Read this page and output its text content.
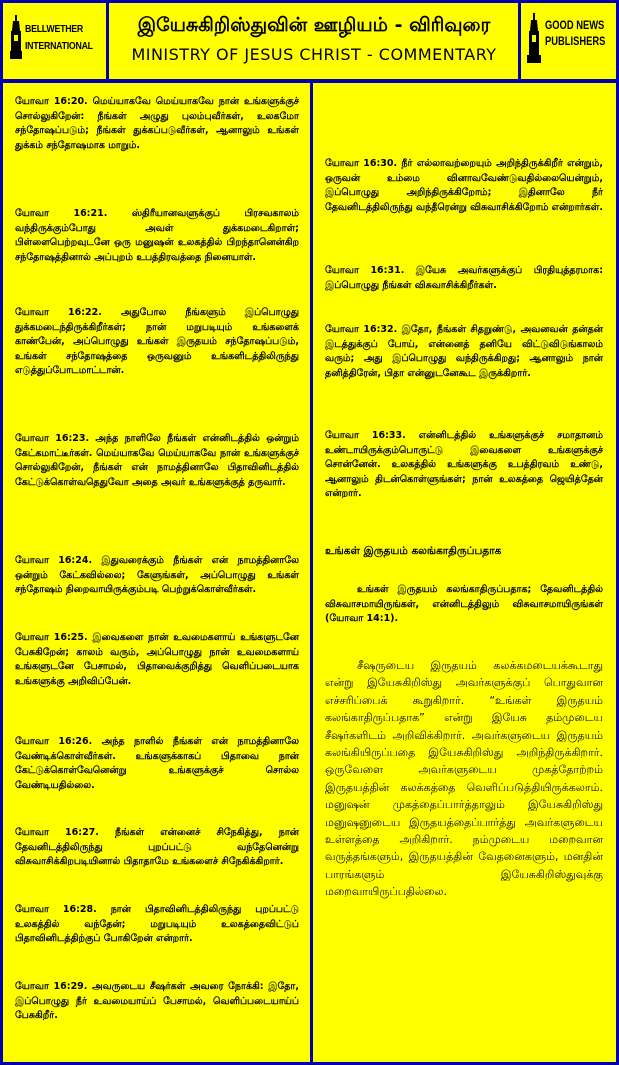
BELLWETHER
INTERNATIONAL
இயேசுகிறிஸ்துவின் ஊழியம் - விரிவுரை
MINISTRY OF JESUS CHRIST - COMMENTARY
GOOD NEWS
PUBLISHERS

யோவா 16:20. மெய்யாகவே மெய்யாகவே நான் உங்களுக்குச் சொல்லுகிறேன்: நீங்கள் அழுது புலம்புவீர்கள், உலகமோ சந்தோஷப்படும்; நீங்கள் துக்கப்படுவீர்கள், ஆனாலும் உங்கள் துக்கம் சந்தோஷமாக மாறும்.

யோவா 16:21. ஸ்திரீயானவளுக்குப் பிரசவகாலம் வந்திருக்கும்போது அவள் துக்கமடைகிறாள்; பிள்ளைபெற்றவுடனே ஒரு மனுஷன் உலகத்தில் பிறந்தானென்கிற சந்தோஷத்தினால் அப்புறம் உபத்திரவத்தை நினையாள்.

யோவா 16:22. அதுபோல நீங்களும் இப்பொழுது துக்கமடைந்திருக்கிறீர்கள்; நான் மறுபடியும் உங்களைக் காண்பேன், அப்பொழுது உங்கள் இருதயம் சந்தோஷப்படும், உங்கள் சந்தோஷத்தை ஒருவனும் உங்களிடத்திலிருந்து எடுத்துப்போடமாட்டான்.

யோவா 16:23. அந்த நாளிலே நீங்கள் என்னிடத்தில் ஒன்றும் கேட்கமாட்டீர்கள். மெய்யாகவே மெய்யாகவே நான் உங்களுக்குச் சொல்லுகிறேன், நீங்கள் என் நாமத்தினாலே பிதாவினிடத்தில் கேட்டுக்கொள்வதெதுவோ அதை அவர் உங்களுக்குத் தருவார்.

யோவா 16:24. இதுவரைக்கும் நீங்கள் என் நாமத்தினாலே ஒன்றும் கேட்கவில்லை; கேளுங்கள், அப்பொழுது உங்கள் சந்தோஷம் நிறைவாயிருக்கும்படி பெற்றுக்கொள்வீர்கள்.

யோவா 16:25. இவைகளை நான் உவமைகளாய் உங்களுடனே பேசுகிறேன்; காலம் வரும், அப்பொழுது நான் உவமைகளாய் உங்களுடனே பேசாமல், பிதாவைக்குறித்து வெளிப்படையாக உங்களுக்கு அறிவிப்பேன்.

யோவா 16:26. அந்த நாளில் நீங்கள் என் நாமத்தினாலே வேண்டிக்கொள்வீர்கள். உங்களுக்காகப் பிதாவை நான் கேட்டுக்கொள்வேனென்று உங்களுக்குச் சொல்ல வேண்டியதில்லை.

யோவா 16:27. நீங்கள் என்னைச் சிநேகித்து, நான் தேவனிடத்திலிருந்து புறப்பட்டு வந்தேனென்று விசுவாசிக்கிறபடியினால் பிதாதாமே உங்களைச் சிநேகிக்கிறார்.

யோவா 16:28. நான் பிதாவினிடத்திலிருந்து புறப்பட்டு உலகத்தில் வந்தேன்; மறுபடியும் உலகத்தைவிட்டுப் பிதாவினிடத்திற்குப் போகிறேன் என்றார்.

யோவா 16:29. அவருடைய சீஷர்கள் அவரை நோக்கி: இதோ, இப்பொழுது நீர் உவமையாய்ப் பேசாமல், வெளிப்படையாய்ப் பேசுகிறீர்.

யோவா 16:30. நீர் எல்லாவற்றையும் அறிந்திருக்கிறீர் என்றும், ஒருவன் உம்மை வினாவவேண்டுவதில்லையென்றும், இப்பொழுது அறிந்திருக்கிறோம்; இதினாலே நீர் தேவனிடத்திலிருந்து வந்தீரென்று விசுவாசிக்கிறோம் என்றார்கள்.

யோவா 16:31. இயேசு அவர்களுக்குப் பிரதியுத்தரமாக: இப்பொழுது நீங்கள் விசுவாசிக்கிறீர்கள்.

யோவா 16:32. இதோ, நீங்கள் சிதறுண்டு, அவனவன் தன்தன் இடத்துக்குப் போய், என்னைத் தனியே விட்டுவிடுங்காலம் வரும்; அது இப்பொழுது வந்திருக்கிறது; ஆனாலும் நான் தனித்திரேன், பிதா என்னுடனேகூட இருக்கிறார்.

யோவா 16:33. என்னிடத்தில் உங்களுக்குச் சமாதானம் உண்டாயிருக்கும்பொருட்டு இவைகளை உங்களுக்குச் சொன்னேன். உலகத்தில் உங்களுக்கு உபத்திரவம் உண்டு, ஆனாலும் திடன்கொள்ளுங்கள்; நான் உலகத்தை ஜெயித்தேன் என்றார்.

உங்கள் இருதயம் கலங்காதிருப்பதாக

உங்கள் இருதயம் கலங்காதிருப்பதாக; தேவனிடத்தில் விசுவாசமாயிருங்கள், என்னிடத்திலும் விசுவாசமாயிருங்கள் (யோவா 14:1).

சீஷருடைய இருதயம் கலக்கமடையக்கூடாது என்று இயேசுகிறிஸ்து அவர்களுக்குப் பொதுவான எச்சரிப்பைக் கூறுகிறார். “உங்கள் இருதயம் கலங்காதிருப்பதாக” என்று இயேசு தம்முடைய சீஷர்களிடம் அறிவிக்கிறார். அவர்களுடைய இருதயம் கலங்கியிருப்பதை இயேசுகிறிஸ்து அறிந்திருக்கிறார். ஒருவேளை அவர்களுடைய முகத்தோற்றம் இருதயத்தின் கலக்கத்தை வெளிப்படுத்தியிருக்கலாம். மனுஷன் முகத்தைப்பார்த்தாலும் இயேசுகிறிஸ்து மனுஷனுடைய இருதயத்தைப்பார்த்து அவர்களுடைய உள்ளத்தை அறிகிறார். நம்முடைய மறைவான வருத்தங்களும், இருதயத்தின் வேதனைகளும், மனதின் பாரங்களும் இயேசுகிறிஸ்துவுக்கு மறைவாயிருப்பதில்லை.
